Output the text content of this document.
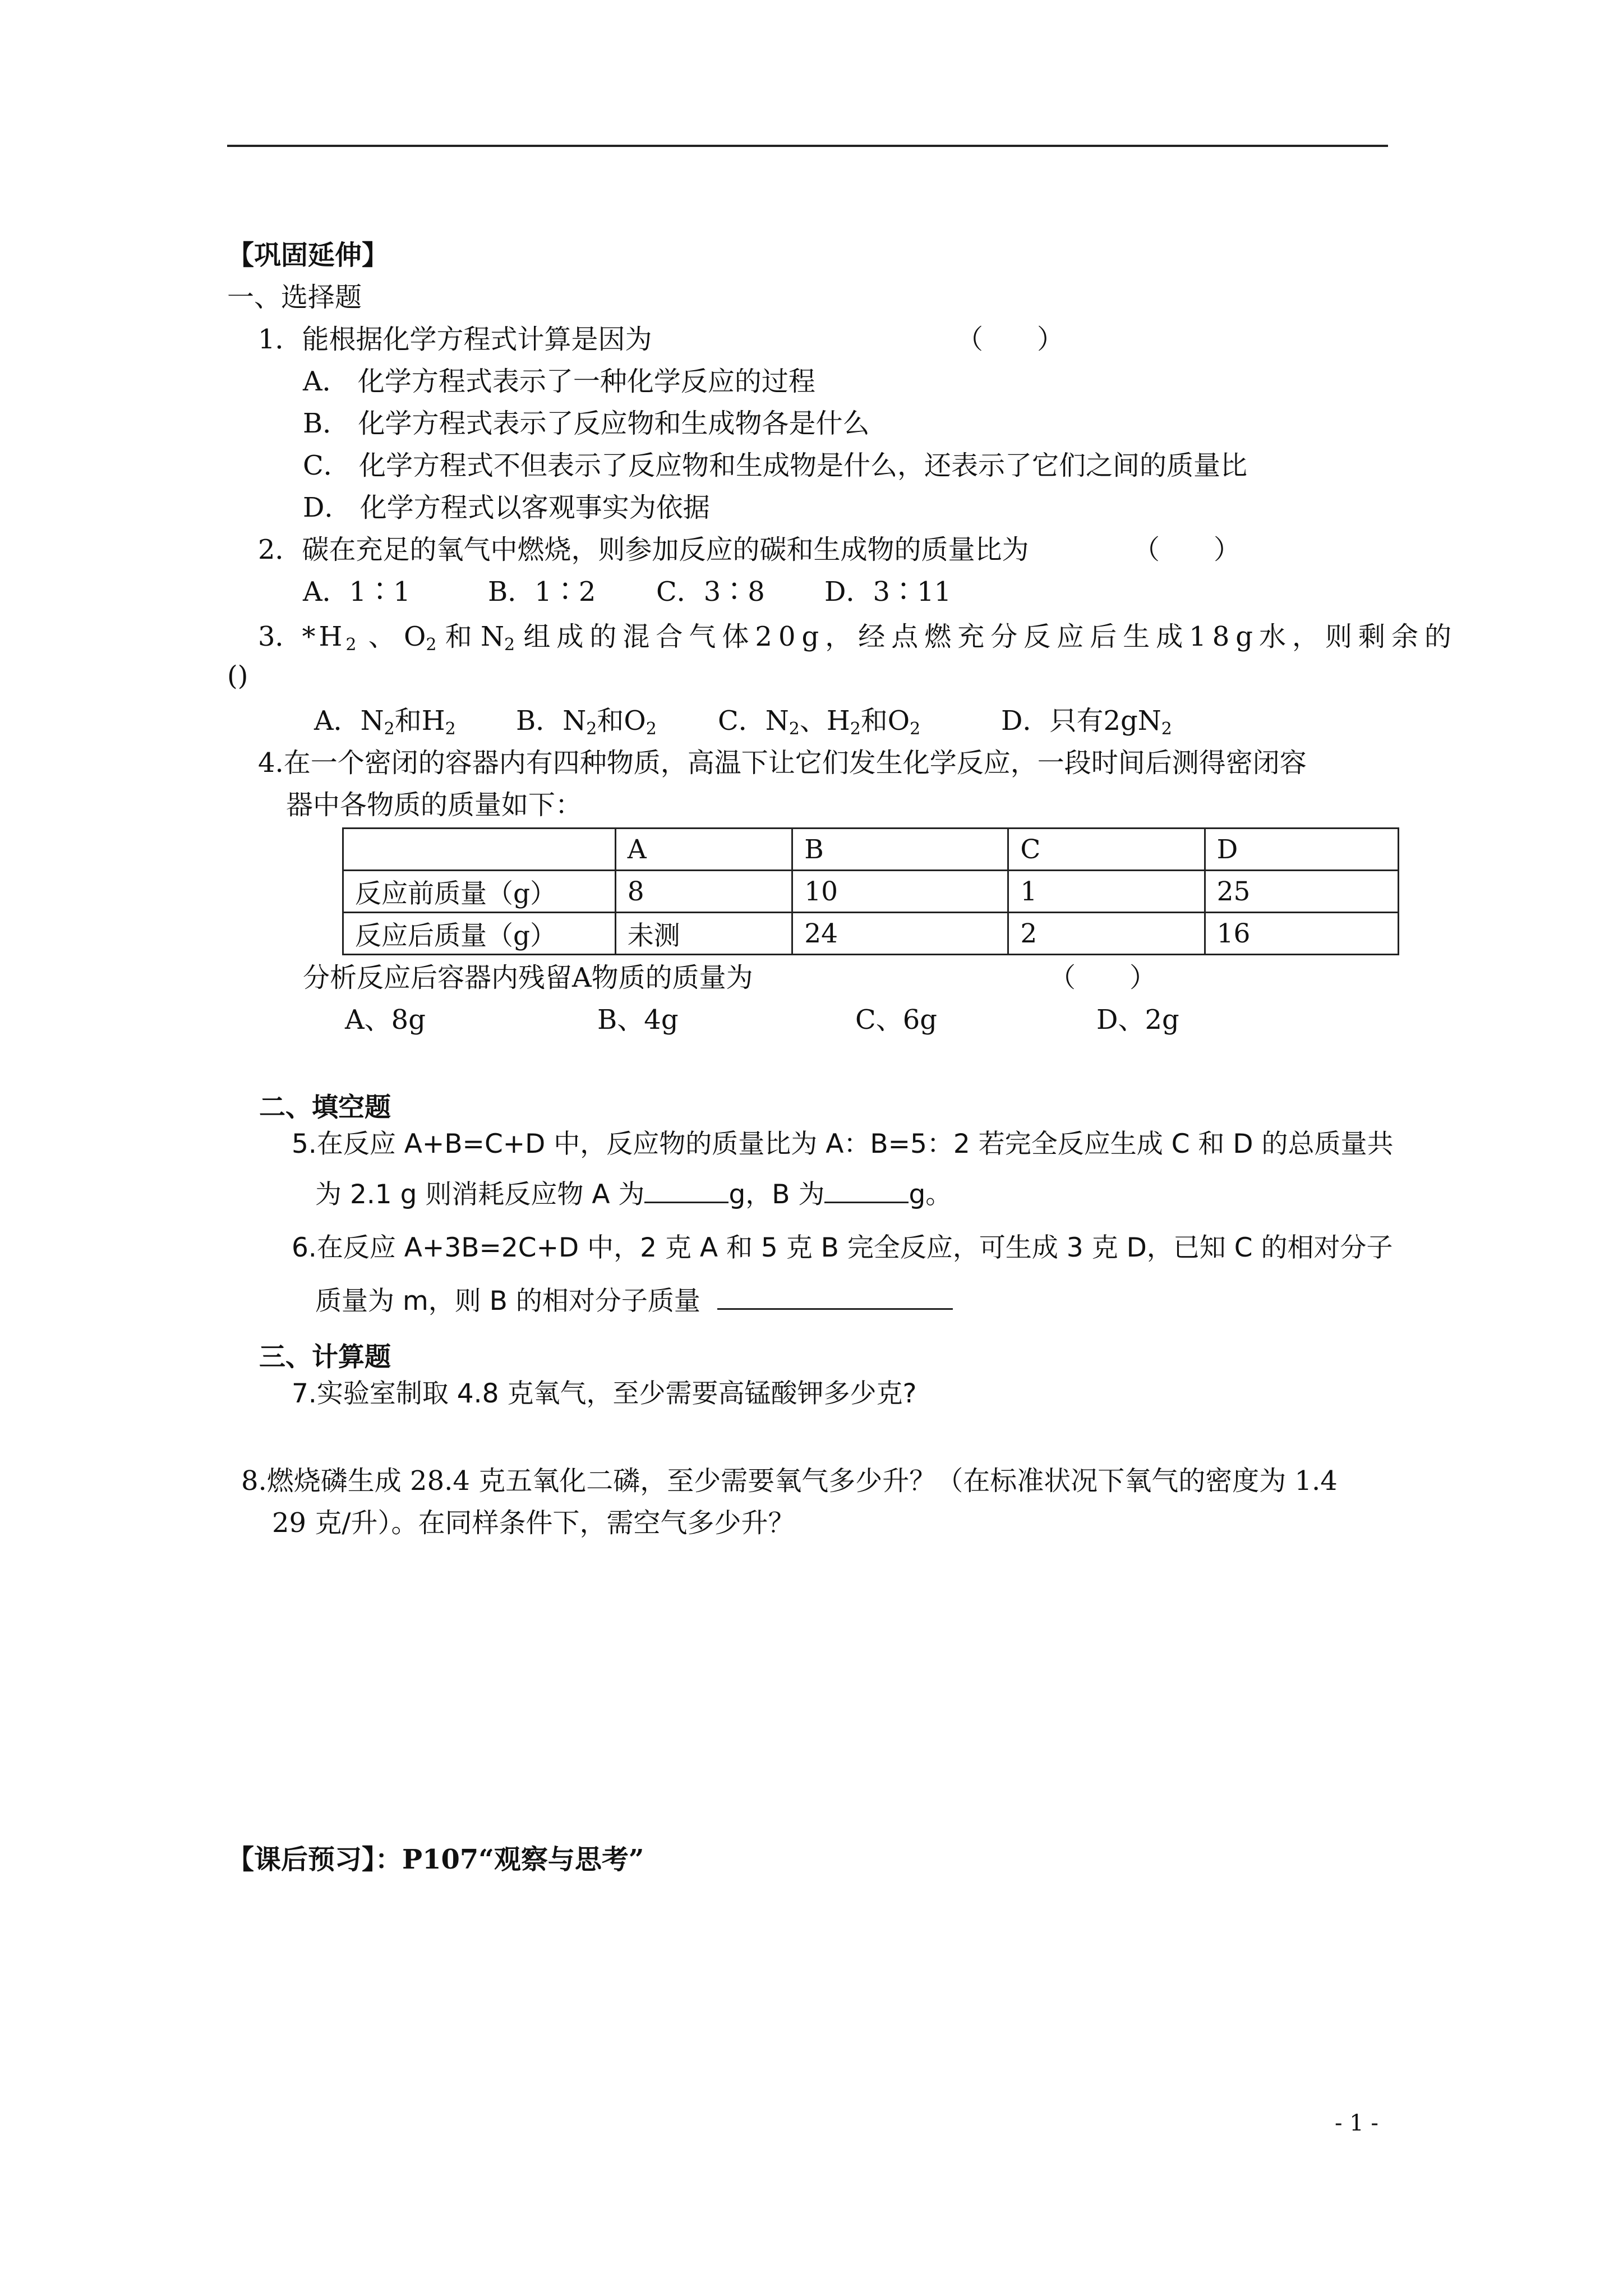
【巩固延伸】
一、选择题
1．能根据化学方程式计算是因为	（　　）
A． 化学方程式表示了一种化学反应的过程
B． 化学方程式表示了反应物和生成物各是什么
C． 化学方程式不但表示了反应物和生成物是什么，还表示了它们之间的质量比
D． 化学方程式以客观事实为依据
2．碳在充足的氧气中燃烧，则参加反应的碳和生成物的质量比为	（　　）
A．1∶1	B．1∶2 C．3∶8 D．3∶11
3．$*H_2$ 、 $O_2$ 和 $N_2$ 组成的混合气体20g，经点燃充分反应后生成18g水，则剩余的
()
A．$N_2$和$H_2$ B．$N_2$和$O_2$ C．$N_2$、$H_2$和$O_2$	D．只有$2gN_2$
4.在一个密闭的容器内有四种物质，高温下让它们发生化学反应，一段时间后测得密闭容
器中各物质的质量如下：
	A	B	C	D
反应前质量（g）	8	10	1	25
反应后质量（g）	未测	24	2	16
分析反应后容器内残留A物质的质量为	（　　）
A、8g	B、4g	C、6g	D、2g
二、填空题
5.在反应 A+B=C+D 中，反应物的质量比为 A：B=5：2 若完全反应生成 C 和 D 的总质量共
为 2.1 g 则消耗反应物 A 为	g，B 为	g。
6.在反应 A+3B=2C+D 中，2 克 A 和 5 克 B 完全反应，可生成 3 克 D，已知 C 的相对分子
质量为 m，则 B 的相对分子质量
三、计算题
7.实验室制取 4.8 克氧气，至少需要高锰酸钾多少克?
8.燃烧磷生成 28.4 克五氧化二磷，至少需要氧气多少升？（在标准状况下氧气的密度为 1.4
29 克/升）。在同样条件下，需空气多少升？
【课后预习】：P107“观察与思考”
- 1 -
